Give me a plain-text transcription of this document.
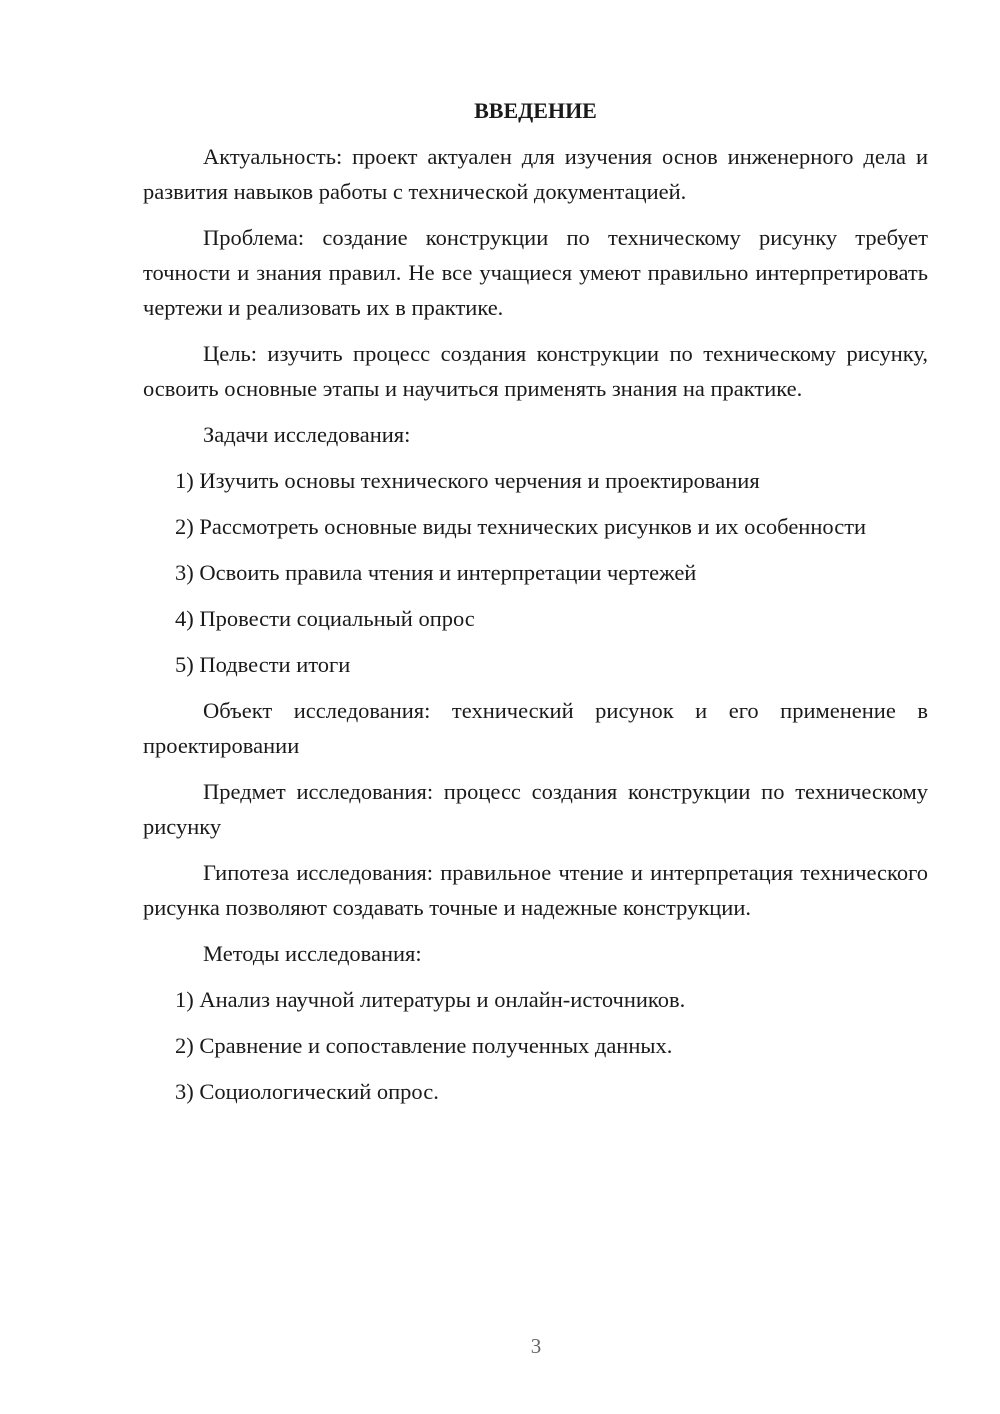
ВВЕДЕНИЕ

Актуальность: проект актуален для изучения основ инженерного дела и развития навыков работы с технической документацией.

Проблема: создание конструкции по техническому рисунку требует точности и знания правил. Не все учащиеся умеют правильно интерпретировать чертежи и реализовать их в практике.

Цель: изучить процесс создания конструкции по техническому рисунку, освоить основные этапы и научиться применять знания на практике.

Задачи исследования:

1) Изучить основы технического черчения и проектирования

2) Рассмотреть основные виды технических рисунков и их особенности

3) Освоить правила чтения и интерпретации чертежей

4) Провести социальный опрос

5) Подвести итоги

Объект исследования: технический рисунок и его применение в проектировании

Предмет исследования: процесс создания конструкции по техническому рисунку

Гипотеза исследования: правильное чтение и интерпретация технического рисунка позволяют создавать точные и надежные конструкции.

Методы исследования:

1) Анализ научной литературы и онлайн-источников.

2) Сравнение и сопоставление полученных данных.

3) Социологический опрос.

3
